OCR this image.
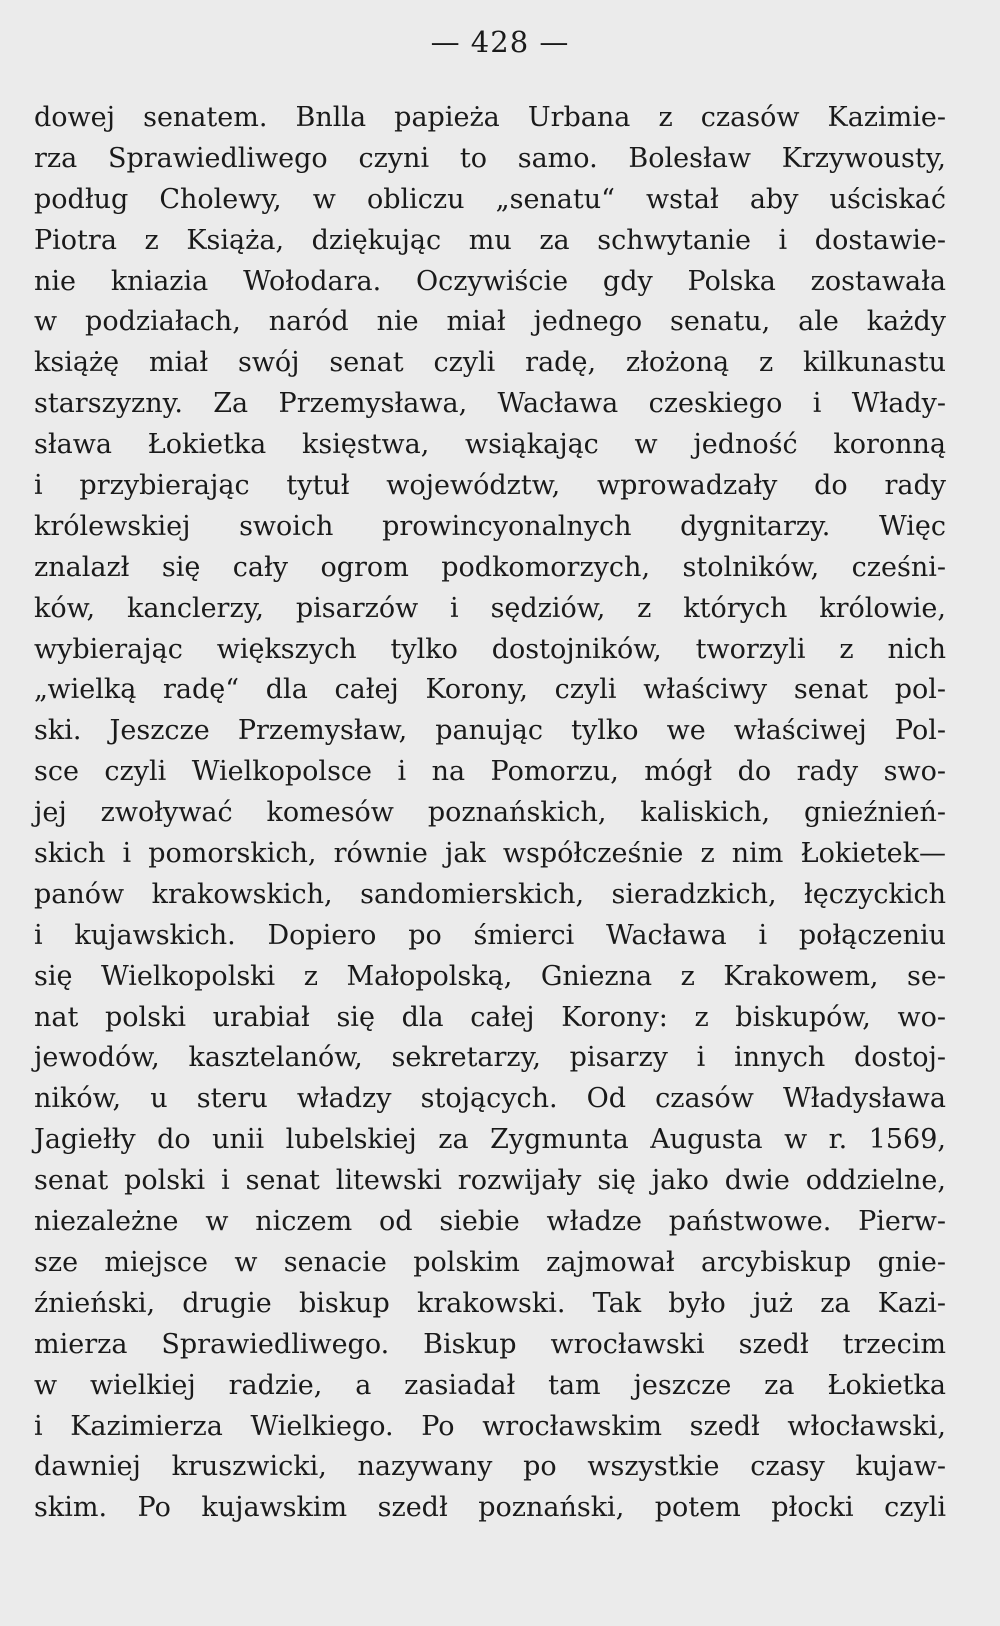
— 428 —
dowej senatem. Bnlla papieża Urbana z czasów Kazimie-
rza Sprawiedliwego czyni to samo. Bolesław Krzywousty,
podług Cholewy, w obliczu „senatu“ wstał aby uściskać
Piotra z Książa, dziękując mu za schwytanie i dostawie-
nie kniazia Wołodara. Oczywiście gdy Polska zostawała
w podziałach, naród nie miał jednego senatu, ale każdy
książę miał swój senat czyli radę, złożoną z kilkunastu
starszyzny. Za Przemysława, Wacława czeskiego i Włady-
sława Łokietka księstwa, wsiąkając w jedność koronną
i przybierając tytuł województw, wprowadzały do rady
królewskiej swoich prowincyonalnych dygnitarzy. Więc
znalazł się cały ogrom podkomorzych, stolników, cześni-
ków, kanclerzy, pisarzów i sędziów, z których królowie,
wybierając większych tylko dostojników, tworzyli z nich
„wielką radę“ dla całej Korony, czyli właściwy senat pol-
ski. Jeszcze Przemysław, panując tylko we właściwej Pol-
sce czyli Wielkopolsce i na Pomorzu, mógł do rady swo-
jej zwoływać komesów poznańskich, kaliskich, gnieźnień-
skich i pomorskich, równie jak współcześnie z nim Łokietek—
panów krakowskich, sandomierskich, sieradzkich, łęczyckich
i kujawskich. Dopiero po śmierci Wacława i połączeniu
się Wielkopolski z Małopolską, Gniezna z Krakowem, se-
nat polski urabiał się dla całej Korony: z biskupów, wo-
jewodów, kasztelanów, sekretarzy, pisarzy i innych dostoj-
ników, u steru władzy stojących. Od czasów Władysława
Jagiełły do unii lubelskiej za Zygmunta Augusta w r. 1569,
senat polski i senat litewski rozwijały się jako dwie oddzielne,
niezależne w niczem od siebie władze państwowe. Pierw-
sze miejsce w senacie polskim zajmował arcybiskup gnie-
źnieński, drugie biskup krakowski. Tak było już za Kazi-
mierza Sprawiedliwego. Biskup wrocławski szedł trzecim
w wielkiej radzie, a zasiadał tam jeszcze za Łokietka
i Kazimierza Wielkiego. Po wrocławskim szedł włocławski,
dawniej kruszwicki, nazywany po wszystkie czasy kujaw-
skim. Po kujawskim szedł poznański, potem płocki czyli
